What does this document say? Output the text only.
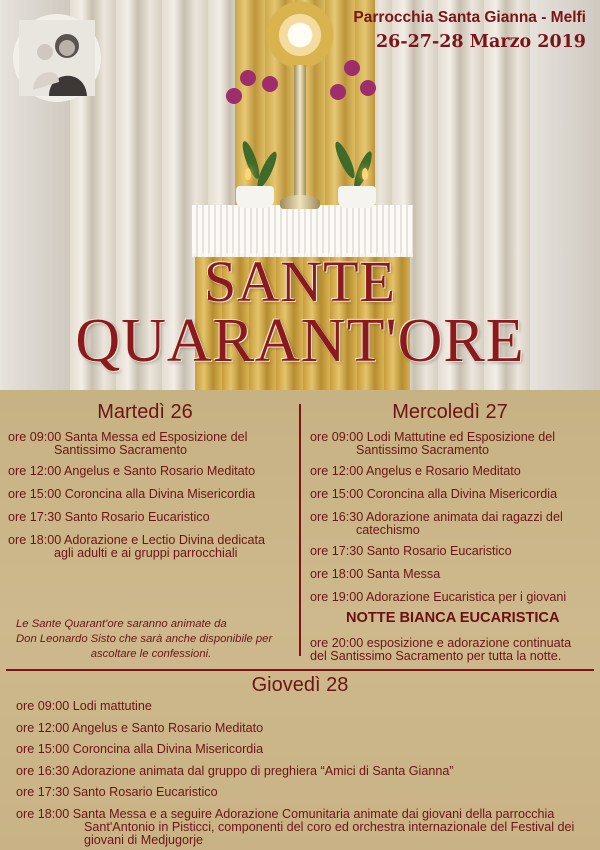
Parrocchia Santa Gianna - Melfi
26-27-28 Marzo 2019
SANTE
QUARANT'ORE
Martedì 26
ore 09:00 Santa Messa ed Esposizione del
Santissimo Sacramento
ore 12:00 Angelus e Santo Rosario Meditato
ore 15:00 Coroncina alla Divina Misericordia
ore 17:30 Santo Rosario Eucaristico
ore 18:00 Adorazione e Lectio Divina dedicata
agli adulti e ai gruppi parrocchiali
Le Sante Quarant'ore saranno animate da
Don Leonardo Sisto che sarà anche disponibile per
ascoltare le confessioni.
Mercoledì 27
ore 09:00 Lodi Mattutine ed Esposizione del
Santissimo Sacramento
ore 12:00 Angelus e Rosario Meditato
ore 15:00 Coroncina alla Divina Misericordia
ore 16:30 Adorazione animata dai ragazzi del
catechismo
ore 17:30 Santo Rosario Eucaristico
ore 18:00 Santa Messa
ore 19:00 Adorazione Eucaristica per i giovani
NOTTE BIANCA EUCARISTICA
ore 20:00 esposizione e adorazione continuata
del Santissimo Sacramento per tutta la notte.
Giovedì 28
ore 09:00 Lodi mattutine
ore 12:00 Angelus e Santo Rosario Meditato
ore 15:00 Coroncina alla Divina Misericordia
ore 16:30 Adorazione animata dal gruppo di preghiera “Amici di Santa Gianna”
ore 17:30 Santo Rosario Eucaristico
ore 18:00 Santa Messa e a seguire Adorazione Comunitaria animate dai giovani della parrocchia
Sant'Antonio in Pisticci, componenti del coro ed orchestra internazionale del Festival dei
giovani di Medjugorje
